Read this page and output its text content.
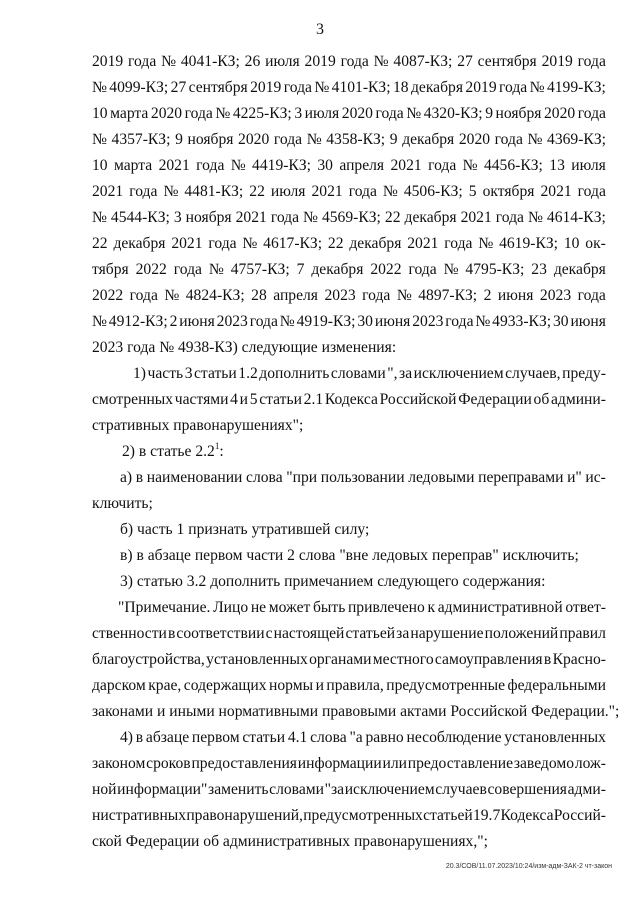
3
2019 года № 4041-КЗ; 26 июля 2019 года № 4087-КЗ; 27 сентября 2019 года
№ 4099-КЗ; 27 сентября 2019 года № 4101-КЗ; 18 декабря 2019 года № 4199-КЗ;
10 марта 2020 года № 4225-КЗ; 3 июля 2020 года № 4320-КЗ; 9 ноября 2020 года
№ 4357-КЗ; 9 ноября 2020 года № 4358-КЗ; 9 декабря 2020 года № 4369-КЗ;
10 марта 2021 года № 4419-КЗ; 30 апреля 2021 года № 4456-КЗ; 13 июля
2021 года № 4481-КЗ; 22 июля 2021 года № 4506-КЗ; 5 октября 2021 года
№ 4544-КЗ; 3 ноября 2021 года № 4569-КЗ; 22 декабря 2021 года № 4614-КЗ;
22 декабря 2021 года № 4617-КЗ; 22 декабря 2021 года № 4619-КЗ; 10 ок-
тября 2022 года № 4757-КЗ; 7 декабря 2022 года № 4795-КЗ; 23 декабря
2022 года № 4824-КЗ; 28 апреля 2023 года № 4897-КЗ; 2 июня 2023 года
№ 4912-КЗ; 2 июня 2023 года № 4919-КЗ; 30 июня 2023 года № 4933-КЗ; 30 июня
2023 года № 4938-КЗ) следующие изменения:
1) часть 3 статьи 1.2 дополнить словами ", за исключением случаев, преду-
смотренных частями 4 и 5 статьи 2.1 Кодекса Российской Федерации об админи-
стративных правонарушениях";
2) в статье $2.2^1$:
а) в наименовании слова "при пользовании ледовыми переправами и" ис-
ключить;
б) часть 1 признать утратившей силу;
в) в абзаце первом части 2 слова "вне ледовых переправ" исключить;
3) статью 3.2 дополнить примечанием следующего содержания:
"Примечание. Лицо не может быть привлечено к административной ответ-
ственности в соответствии с настоящей статьей за нарушение положений правил
благоустройства, установленных органами местного самоуправления в Красно-
дарском крае, содержащих нормы и правила, предусмотренные федеральными
законами и иными нормативными правовыми актами Российской Федерации.";
4) в абзаце первом статьи 4.1 слова "а равно несоблюдение установленных
законом сроков предоставления информации или предоставление заведомо лож-
ной информации" заменить словами "за исключением случаев совершения адми-
нистративных правонарушений, предусмотренных статьей 19.7 Кодекса Россий-
ской Федерации об административных правонарушениях,";
20.3/СОВ/11.07.2023/10:24/изм-адм-ЗАК-2 чт-закон
